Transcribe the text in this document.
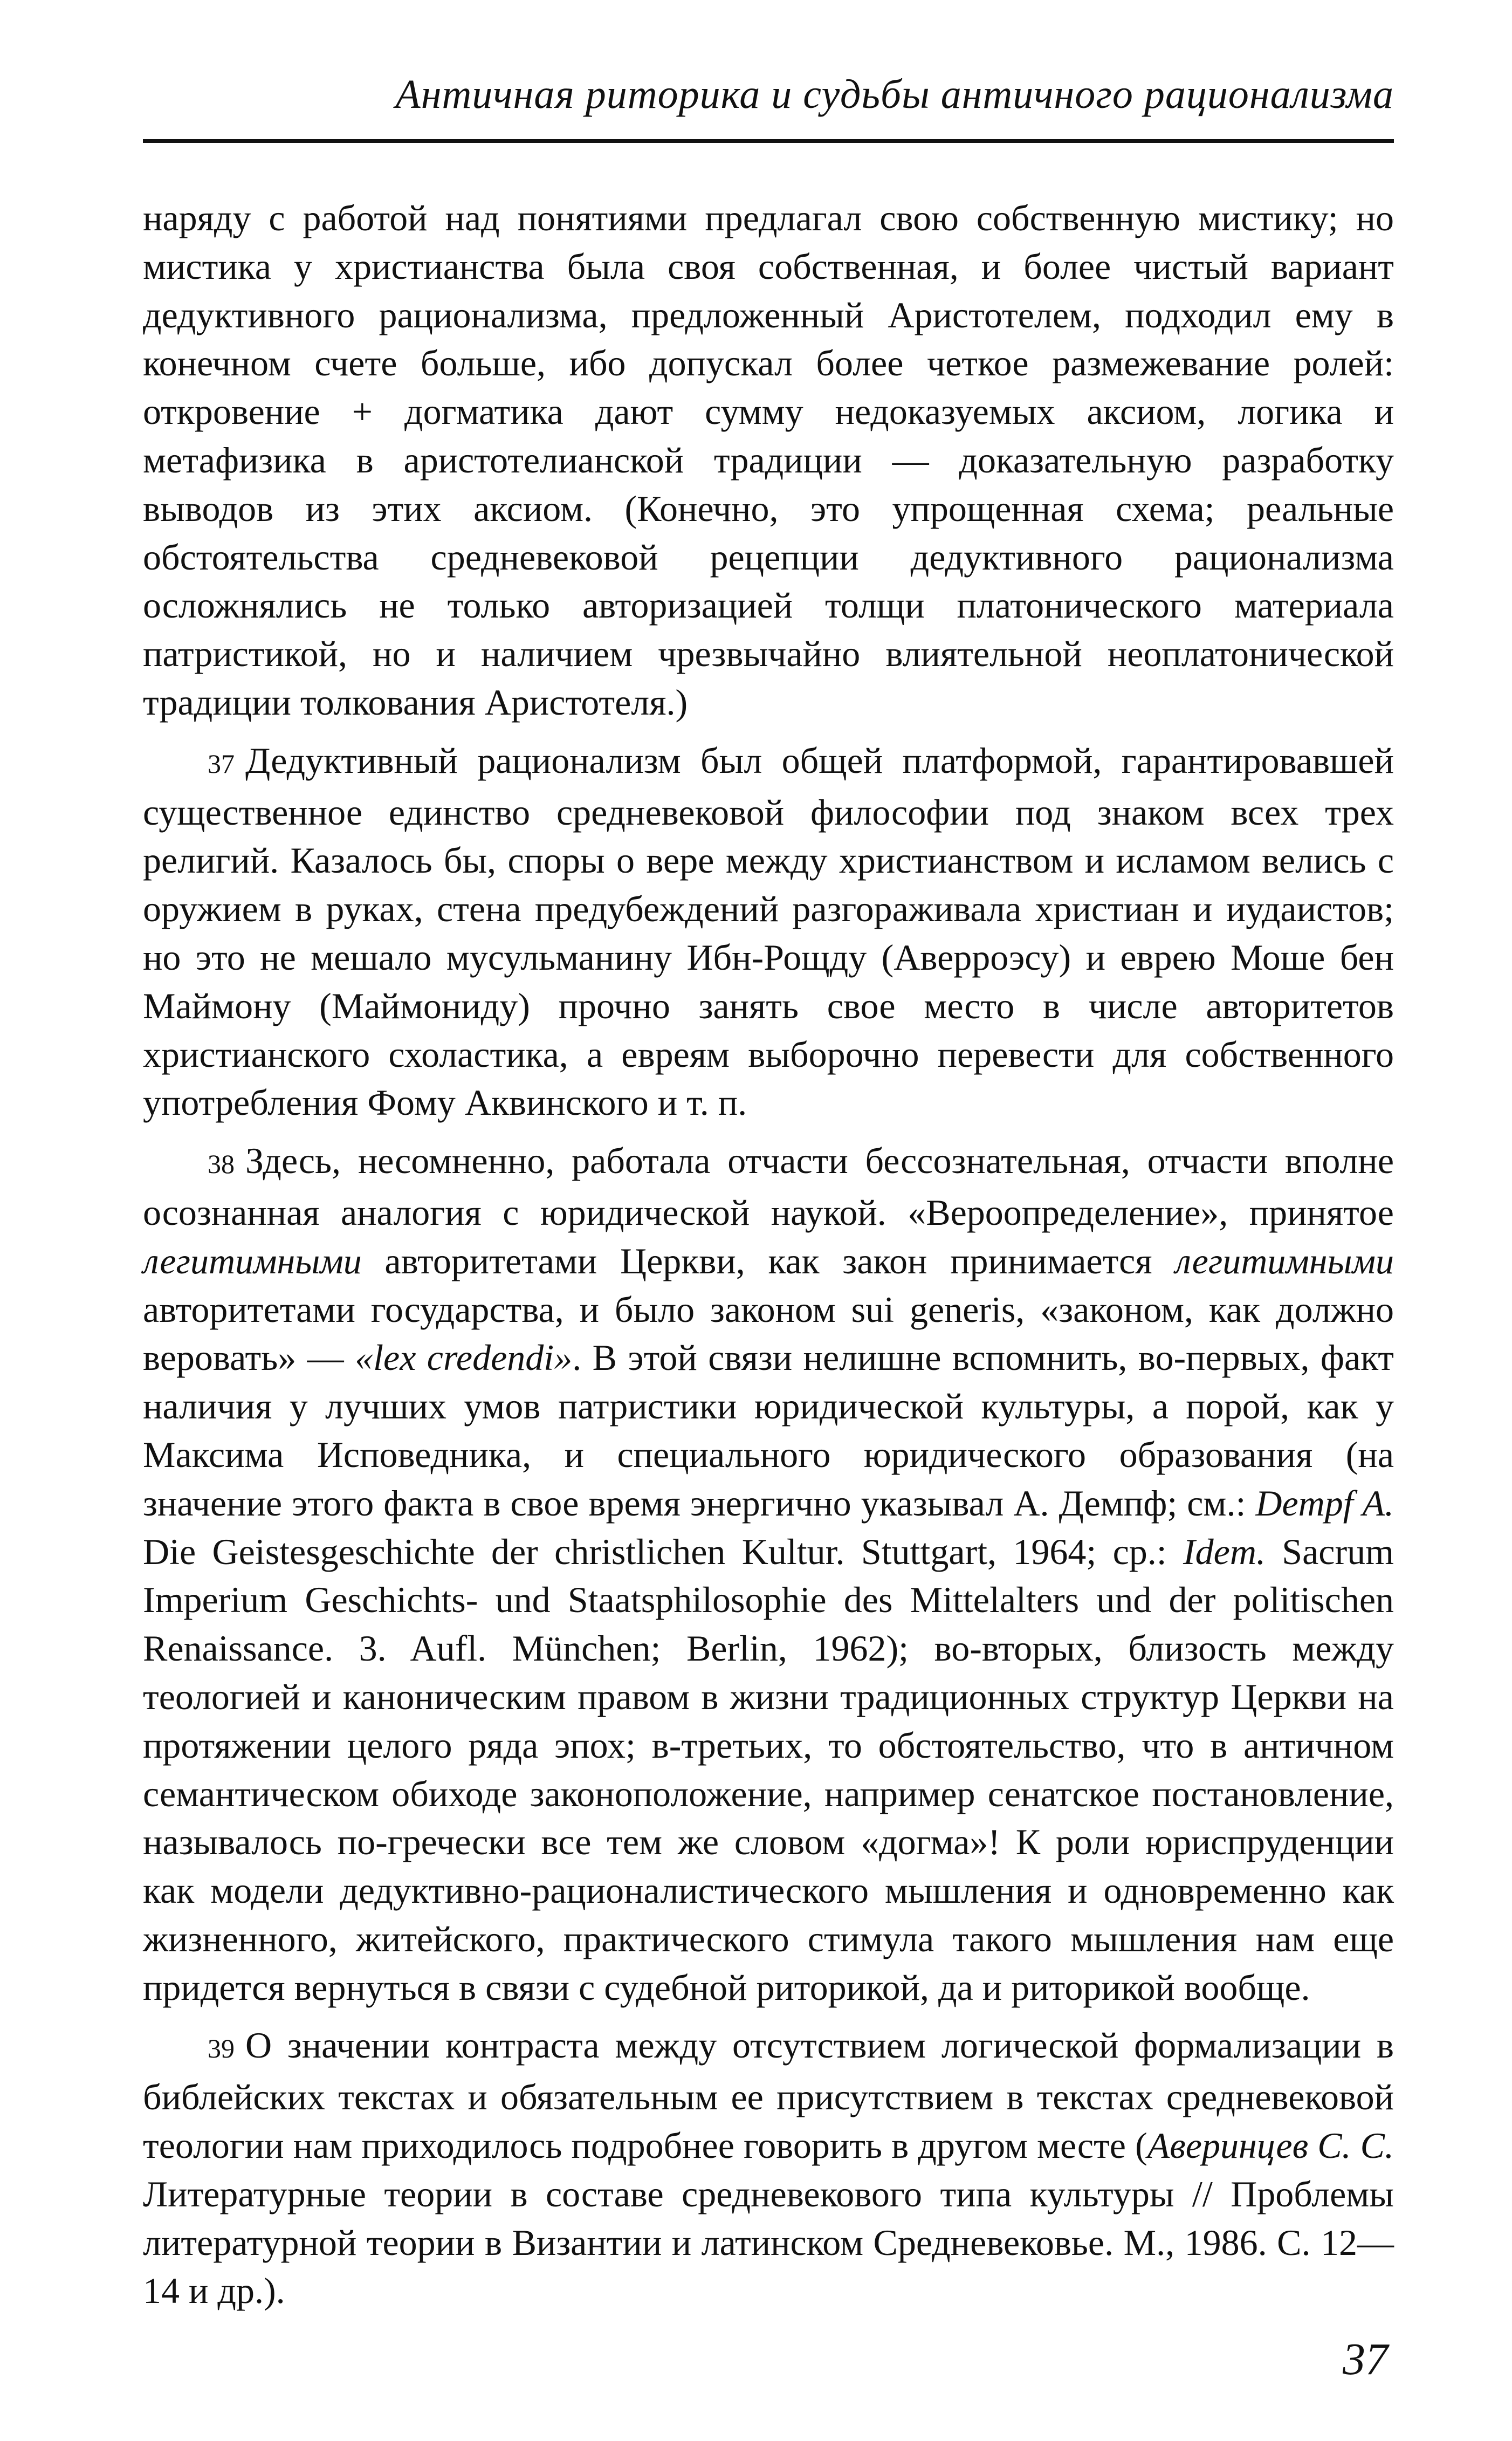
Античная риторика и судьбы античного рационализма

наряду с работой над понятиями предлагал свою собственную мистику; но мистика у христианства была своя собственная, и более чистый вариант дедуктивного рационализма, предложенный Аристотелем, подходил ему в конечном счете больше, ибо допускал более четкое размежевание ролей: откровение + догматика дают сумму недоказуемых аксиом, логика и метафизика в аристотелианской традиции — доказательную разработку выводов из этих аксиом. (Конечно, это упрощенная схема; реальные обстоятельства средневековой рецепции дедуктивного рационализма осложнялись не только авторизацией толщи платонического материала патристикой, но и наличием чрезвычайно влиятельной неоплатонической традиции толкования Аристотеля.)

37 Дедуктивный рационализм был общей платформой, гарантировавшей существенное единство средневековой философии под знаком всех трех религий. Казалось бы, споры о вере между христианством и исламом велись с оружием в руках, стена предубеждений разгораживала христиан и иудаистов; но это не мешало мусульманину Ибн-Рощду (Аверроэсу) и еврею Моше бен Маймону (Маймониду) прочно занять свое место в числе авторитетов христианского схоластика, а евреям выборочно перевести для собственного употребления Фому Аквинского и т. п.

38 Здесь, несомненно, работала отчасти бессознательная, отчасти вполне осознанная аналогия с юридической наукой. «Вероопределение», принятое легитимными авторитетами Церкви, как закон принимается легитимными авторитетами государства, и было законом sui generis, «законом, как должно веровать» — «lex credendi». В этой связи нелишне вспомнить, во-первых, факт наличия у лучших умов патристики юридической культуры, а порой, как у Максима Исповедника, и специального юридического образования (на значение этого факта в свое время энергично указывал А. Демпф; см.: Dempf A. Die Geistesgeschichte der christlichen Kultur. Stuttgart, 1964; ср.: Idem. Sacrum Imperium Geschichts- und Staatsphilosophie des Mittelalters und der politischen Renaissance. 3. Aufl. München; Berlin, 1962); во-вторых, близость между теологией и каноническим правом в жизни традиционных структур Церкви на протяжении целого ряда эпох; в-третьих, то обстоятельство, что в античном семантическом обиходе законоположение, например сенатское постановление, называлось по-гречески все тем же словом «догма»! К роли юриспруденции как модели дедуктивно-рационалистического мышления и одновременно как жизненного, житейского, практического стимула такого мышления нам еще придется вернуться в связи с судебной риторикой, да и риторикой вообще.

39 О значении контраста между отсутствием логической формализации в библейских текстах и обязательным ее присутствием в текстах средневековой теологии нам приходилось подробнее говорить в другом месте (Аверинцев С. С. Литературные теории в составе средневекового типа культуры // Проблемы литературной теории в Византии и латинском Средневековье. М., 1986. С. 12—14 и др.).

37
